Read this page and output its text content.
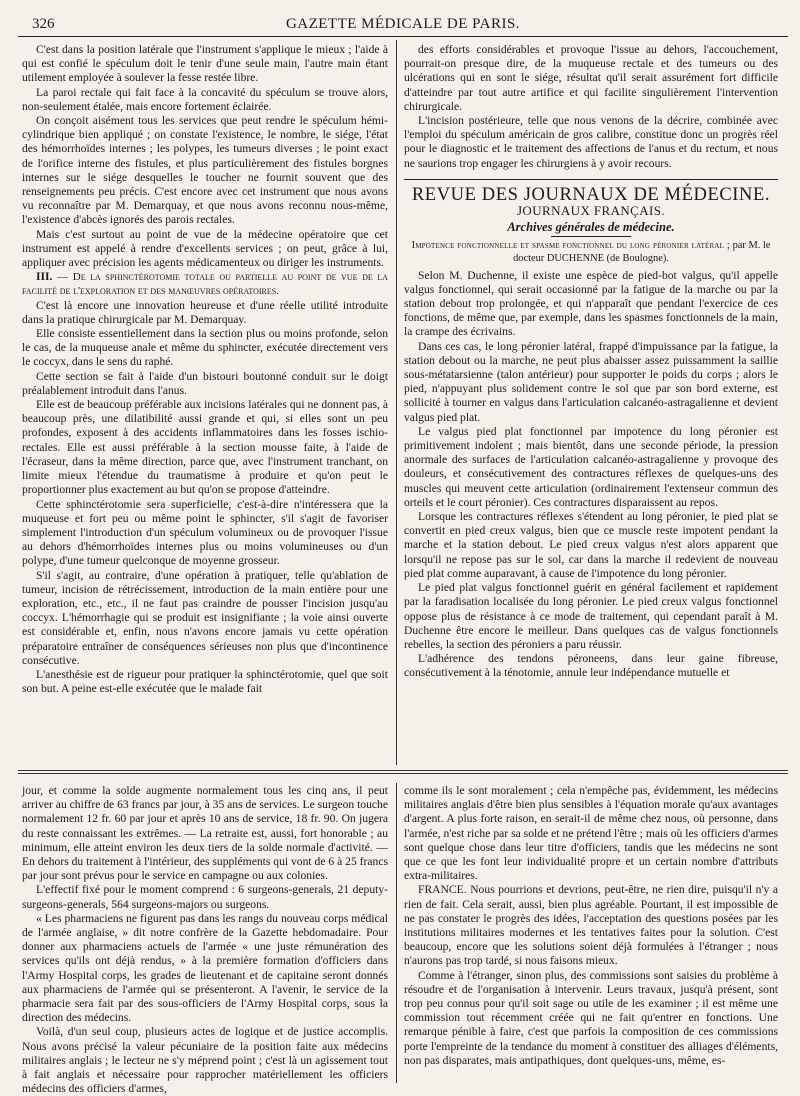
326	GAZETTE MÉDICALE DE PARIS.

C'est dans la position latérale que l'instrument s'applique le mieux ; l'aide à qui est confié le spéculum doit le tenir d'une seule main, l'autre main étant utilement employée à soulever la fesse restée libre.

La paroi rectale qui fait face à la concavité du spéculum se trouve alors, non-seulement étalée, mais encore fortement éclairée.

On conçoit aisément tous les services que peut rendre le spéculum hémi-cylindrique bien appliqué ; on constate l'existence, le nombre, le siége, l'état des hémorrhoïdes internes ; les polypes, les tumeurs diverses ; le point exact de l'orifice interne des fistules, et plus particulièrement des fistules borgnes internes sur le siége desquelles le toucher ne fournit souvent que des renseignements peu précis. C'est encore avec cet instrument que nous avons vu reconnaître par M. Demarquay, et que nous avons reconnu nous-même, l'existence d'abcès ignorés des parois rectales.

Mais c'est surtout au point de vue de la médecine opératoire que cet instrument est appelé à rendre d'excellents services ; on peut, grâce à lui, appliquer avec précision les agents médicamenteux ou diriger les instruments.

III. — De la sphinctérotomie totale ou partielle au point de vue de la facilité de l'exploration et des manœuvres opératoires.

C'est là encore une innovation heureuse et d'une réelle utilité introduite dans la pratique chirurgicale par M. Demarquay.

Elle consiste essentiellement dans la section plus ou moins profonde, selon le cas, de la muqueuse anale et même du sphincter, exécutée directement vers le coccyx, dans le sens du raphé.

Cette section se fait à l'aide d'un bistouri boutonné conduit sur le doigt préalablement introduit dans l'anus.

Elle est de beaucoup préférable aux incisions latérales qui ne donnent pas, à beaucoup près, une dilatibilité aussi grande et qui, si elles sont un peu profondes, exposent à des accidents inflammatoires dans les fosses ischio-rectales. Elle est aussi préférable à la section mousse faite, à l'aide de l'écraseur, dans la même direction, parce que, avec l'instrument tranchant, on limite mieux l'étendue du traumatisme à produire et qu'on peut le proportionner plus exactement au but qu'on se propose d'atteindre.

Cette sphinctérotomie sera superficielle, c'est-à-dire n'intéressera que la muqueuse et fort peu ou même point le sphincter, s'il s'agit de favoriser simplement l'introduction d'un spéculum volumineux ou de provoquer l'issue au dehors d'hémorrhoïdes internes plus ou moins volumineuses ou d'un polype, d'une tumeur quelconque de moyenne grosseur.

S'il s'agit, au contraire, d'une opération à pratiquer, telle qu'ablation de tumeur, incision de rétrécissement, introduction de la main entière pour une exploration, etc., etc., il ne faut pas craindre de pousser l'incision jusqu'au coccyx. L'hémorrhagie qui se produit est insignifiante ; la voie ainsi ouverte est considérable et, enfin, nous n'avons encore jamais vu cette opération préparatoire entraîner de conséquences sérieuses non plus que d'incontinence consécutive.

L'anesthésie est de rigueur pour pratiquer la sphinctérotomie, quel que soit son but. A peine est-elle exécutée que le malade fait

des efforts considérables et provoque l'issue au dehors, l'accouchement, pourrait-on presque dire, de la muqueuse rectale et des tumeurs ou des ulcérations qui en sont le siége, résultat qu'il serait assurément fort difficile d'atteindre par tout autre artifice et qui facilite singulièrement l'intervention chirurgicale.

L'incision postérieure, telle que nous venons de la décrire, combinée avec l'emploi du spéculum américain de gros calibre, constitue donc un progrès réel pour le diagnostic et le traitement des affections de l'anus et du rectum, et nous ne saurions trop engager les chirurgiens à y avoir recours.

REVUE DES JOURNAUX DE MÉDECINE.
JOURNAUX FRANÇAIS.
Archives générales de médecine.
Impotence fonctionnelle et spasme fonctionnel du long péronier latéral ; par M. le docteur DUCHENNE (de Boulogne).

Selon M. Duchenne, il existe une espèce de pied-bot valgus, qu'il appelle valgus fonctionnel, qui serait occasionné par la fatigue de la marche ou par la station debout trop prolongée, et qui n'apparaît que pendant l'exercice de ces fonctions, de même que, par exemple, dans les spasmes fonctionnels de la main, la crampe des écrivains.

Dans ces cas, le long péronier latéral, frappé d'impuissance par la fatigue, la station debout ou la marche, ne peut plus abaisser assez puissamment la saillie sous-métatarsienne (talon antérieur) pour supporter le poids du corps ; alors le pied, n'appuyant plus solidement contre le sol que par son bord externe, est sollicité à tourner en valgus dans l'articulation calcanéo-astragalienne et devient valgus pied plat.

Le valgus pied plat fonctionnel par impotence du long péronier est primitivement indolent ; mais bientôt, dans une seconde période, la pression anormale des surfaces de l'articulation calcanéo-astragalienne y provoque des douleurs, et consécutivement des contractures réflexes de quelques-uns des muscles qui meuvent cette articulation (ordinairement l'extenseur commun des orteils et le court péronier). Ces contractures disparaissent au repos.

Lorsque les contractures réflexes s'étendent au long péronier, le pied plat se convertit en pied creux valgus, bien que ce muscle reste impotent pendant la marche et la station debout. Le pied creux valgus n'est alors apparent que lorsqu'il ne repose pas sur le sol, car dans la marche il redevient de nouveau pied plat comme auparavant, à cause de l'impotence du long péronier.

Le pied plat valgus fonctionnel guérit en général facilement et rapidement par la faradisation localisée du long péronier. Le pied creux valgus fonctionnel oppose plus de résistance à ce mode de traitement, qui cependant paraît à M. Duchenne être encore le meilleur. Dans quelques cas de valgus fonctionnels rebelles, la section des péroniers a paru réussir.

L'adhérence des tendons péroneens, dans leur gaine fibreuse, consécutivement à la ténotomie, annule leur indépendance mutuelle et

jour, et comme la solde augmente normalement tous les cinq ans, il peut arriver au chiffre de 63 francs par jour, à 35 ans de services. Le surgeon touche normalement 12 fr. 60 par jour et après 10 ans de service, 18 fr. 90. On jugera du reste connaissant les extrêmes. — La retraite est, aussi, fort honorable ; au minimum, elle atteint environ les deux tiers de la solde normale d'activité. — En dehors du traitement à l'intérieur, des suppléments qui vont de 6 à 25 francs par jour sont prévus pour le service en campagne ou aux colonies.

L'effectif fixé pour le moment comprend : 6 surgeons-generals, 21 deputy-surgeons-generals, 564 surgeons-majors ou surgeons.

« Les pharmaciens ne figurent pas dans les rangs du nouveau corps médical de l'armée anglaise, » dit notre confrère de la Gazette hebdomadaire. Pour donner aux pharmaciens actuels de l'armée « une juste rémunération des services qu'ils ont déjà rendus, » à la première formation d'officiers dans l'Army Hospital corps, les grades de lieutenant et de capitaine seront donnés aux pharmaciens de l'armée qui se présenteront. A l'avenir, le service de la pharmacie sera fait par des sous-officiers de l'Army Hospital corps, sous la direction des médecins.

Voilà, d'un seul coup, plusieurs actes de logique et de justice accomplis. Nous avons précisé la valeur pécuniaire de la position faite aux médecins militaires anglais ; le lecteur ne s'y méprend point ; c'est là un agissement tout à fait anglais et nécessaire pour rapprocher matériellement les officiers médecins des officiers d'armes,

comme ils le sont moralement ; cela n'empêche pas, évidemment, les médecins militaires anglais d'être bien plus sensibles à l'équation morale qu'aux avantages d'argent. A plus forte raison, en serait-il de même chez nous, où personne, dans l'armée, n'est riche par sa solde et ne prétend l'être ; mais où les officiers d'armes sont quelque chose dans leur titre d'officiers, tandis que les médecins ne sont que ce que les font leur individualité propre et un certain nombre d'attributs extra-militaires.

FRANCE. Nous pourrions et devrions, peut-être, ne rien dire, puisqu'il n'y a rien de fait. Cela serait, aussi, bien plus agréable. Pourtant, il est impossible de ne pas constater le progrès des idées, l'acceptation des questions posées par les institutions militaires modernes et les tentatives faites pour la solution. C'est beaucoup, encore que les solutions soient déjà formulées à l'étranger ; nous n'aurons pas trop tardé, si nous faisons mieux.

Comme à l'étranger, sinon plus, des commissions sont saisies du problème à résoudre et de l'organisation à intervenir. Leurs travaux, jusqu'à présent, sont trop peu connus pour qu'il soit sage ou utile de les examiner ; il est même une commission tout récemment créée qui ne fait qu'entrer en fonctions. Une remarque pénible à faire, c'est que parfois la composition de ces commissions porte l'empreinte de la tendance du moment à constituer des alliages d'éléments, non pas disparates, mais antipathiques, dont quelques-uns, même, es-
